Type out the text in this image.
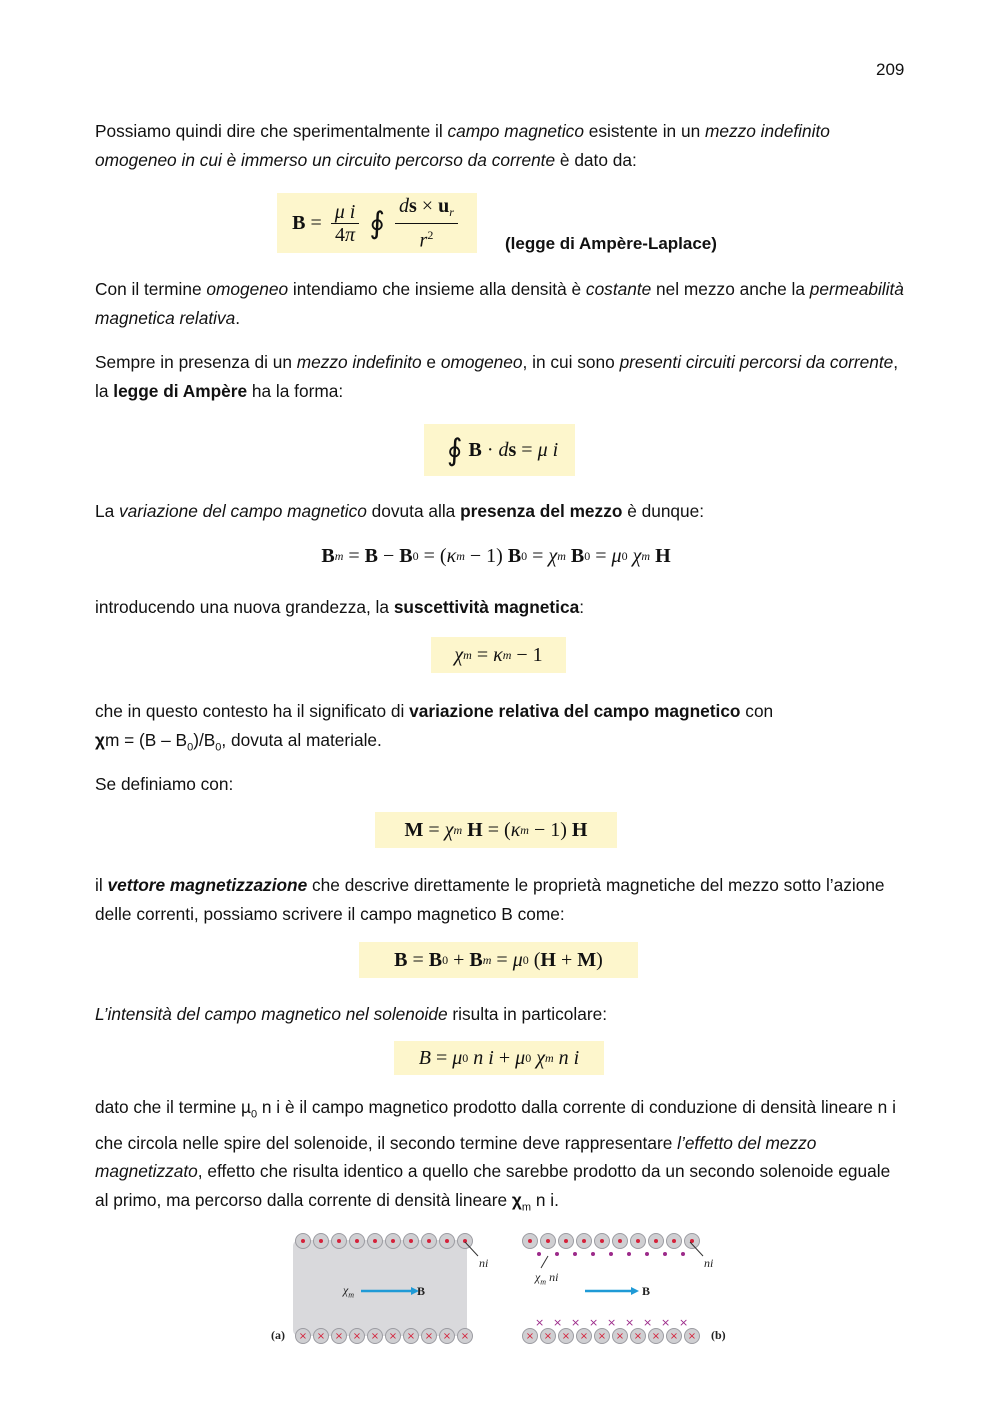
209

Possiamo quindi dire che sperimentalmente il campo magnetico esistente in un mezzo indefinito omogeneo in cui è immerso un circuito percorso da corrente è dato da:

$B = \frac{\text{μ i}}{4\pi}$ ∮ $\frac{ds \times u_r}{r^2}$	(legge di Ampère-Laplace)

Con il termine omogeneo intendiamo che insieme alla densità è costante nel mezzo anche la permeabilità magnetica relativa.

Sempre in presenza di un mezzo indefinito e omogeneo, in cui sono presenti circuiti percorsi da corrente, la legge di Ampère ha la forma:

∮ B · d s = μ i

La variazione del campo magnetico dovuta alla presenza del mezzo è dunque:

B m = B − B 0 = ( κ m − 1) B 0 = χ m
B 0 = μ 0
χ m
H

introducendo una nuova grandezza, la suscettività magnetica:

χ m = κ m − 1

che in questo contesto ha il significato di variazione relativa del campo magnetico con
$\chi m = (B - B_0)/B_0$, dovuta al materiale.

Se definiamo con:

M = χ m
H = ( κ m − 1) H

il vettore magnetizzazione che descrive direttamente le proprietà magnetiche del mezzo sotto l’azione delle correnti, possiamo scrivere il campo magnetico B come:

B = B 0 + B m = μ 0 ( H + M )

L’intensità del campo magnetico nel solenoide risulta in particolare:

B = μ 0
n i + μ 0
χ m
n i

dato che il termine µ$_0$ n i è il campo magnetico prodotto dalla corrente di conduzione di densità lineare n i che circola nelle spire del solenoide, il secondo termine deve rappresentare l’effetto del mezzo magnetizzato, effetto che risulta identico a quello che sarebbe prodotto da un secondo solenoide eguale al primo, ma percorso dalla corrente di densità lineare $\chi_m$ n i.

× × × × × × × × × ×	× × × × × × × × × ×
× × × × × × × × ×
ni	ni
$\chi_m$	B
$\chi_m$ ni
B
(a)	(b)
